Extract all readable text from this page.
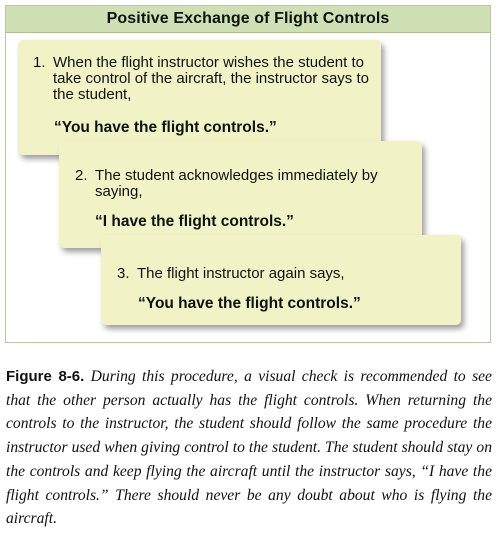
Positive Exchange of Flight Controls
1. When the flight instructor wishes the student to take control of the aircraft, the instructor says to the student,
“You have the flight controls.”
2. The student acknowledges immediately by saying,
“I have the flight controls.”
3. The flight instructor again says,
“You have the flight controls.”
Figure 8-6. During this procedure, a visual check is recommended to see that the other person actually has the flight controls. When returning the controls to the instructor, the student should follow the same procedure the instructor used when giving control to the student. The student should stay on the controls and keep flying the aircraft until the instructor says, “I have the flight controls.” There should never be any doubt about who is flying the aircraft.
